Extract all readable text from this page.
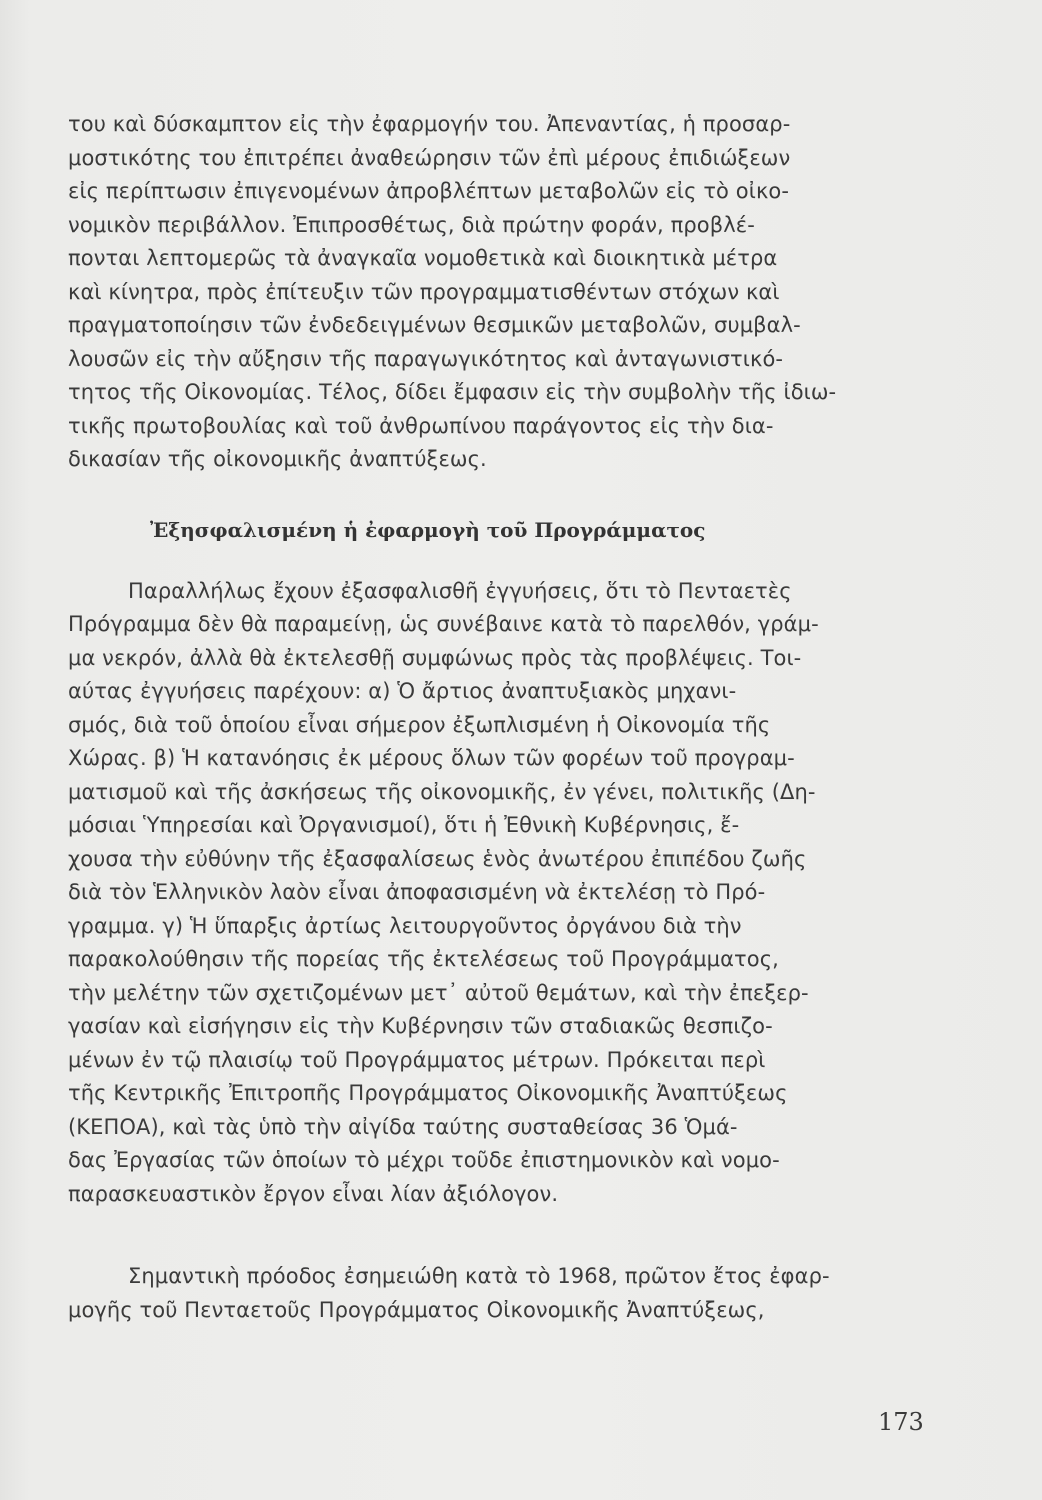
του καὶ δύσκαμπτον εἰς τὴν ἐφαρμογήν του. Ἀπεναντίας, ἡ προσαρ-
μοστικότης του ἐπιτρέπει ἀναθεώρησιν τῶν ἐπὶ μέρους ἐπιδιώξεων
εἰς περίπτωσιν ἐπιγενομένων ἀπροβλέπτων μεταβολῶν εἰς τὸ οἰκο-
νομικὸν περιβάλλον. Ἐπιπροσθέτως, διὰ πρώτην φοράν, προβλέ-
πονται λεπτομερῶς τὰ ἀναγκαῖα νομοθετικὰ καὶ διοικητικὰ μέτρα
καὶ κίνητρα, πρὸς ἐπίτευξιν τῶν προγραμματισθέντων στόχων καὶ
πραγματοποίησιν τῶν ἐνδεδειγμένων θεσμικῶν μεταβολῶν, συμβαλ-
λουσῶν εἰς τὴν αὔξησιν τῆς παραγωγικότητος καὶ ἀνταγωνιστικό-
τητος τῆς Οἰκονομίας. Τέλος, δίδει ἔμφασιν εἰς τὴν συμβολὴν τῆς ἰδιω-
τικῆς πρωτοβουλίας καὶ τοῦ ἀνθρωπίνου παράγοντος εἰς τὴν δια-
δικασίαν τῆς οἰκονομικῆς ἀναπτύξεως.
Ἐξησφαλισμένη ἡ ἐφαρμογὴ τοῦ Προγράμματος
Παραλλήλως ἔχουν ἐξασφαλισθῆ ἐγγυήσεις, ὅτι τὸ Πενταετὲς
Πρόγραμμα δὲν θὰ παραμείνῃ, ὡς συνέβαινε κατὰ τὸ παρελθόν, γράμ-
μα νεκρόν, ἀλλὰ θὰ ἐκτελεσθῇ συμφώνως πρὸς τὰς προβλέψεις. Τοι-
αύτας ἐγγυήσεις παρέχουν: α) Ὁ ἄρτιος ἀναπτυξιακὸς μηχανι-
σμός, διὰ τοῦ ὁποίου εἶναι σήμερον ἐξωπλισμένη ἡ Οἰκονομία τῆς
Χώρας. β) Ἡ κατανόησις ἐκ μέρους ὅλων τῶν φορέων τοῦ προγραμ-
ματισμοῦ καὶ τῆς ἀσκήσεως τῆς οἰκονομικῆς, ἐν γένει, πολιτικῆς (Δη-
μόσιαι Ὑπηρεσίαι καὶ Ὀργανισμοί), ὅτι ἡ Ἐθνικὴ Κυβέρνησις, ἔ-
χουσα τὴν εὐθύνην τῆς ἐξασφαλίσεως ἑνὸς ἀνωτέρου ἐπιπέδου ζωῆς
διὰ τὸν Ἑλληνικὸν λαὸν εἶναι ἀποφασισμένη νὰ ἐκτελέσῃ τὸ Πρό-
γραμμα. γ) Ἡ ὕπαρξις ἀρτίως λειτουργοῦντος ὀργάνου διὰ τὴν
παρακολούθησιν τῆς πορείας τῆς ἐκτελέσεως τοῦ Προγράμματος,
τὴν μελέτην τῶν σχετιζομένων μετ᾿ αὐτοῦ θεμάτων, καὶ τὴν ἐπεξερ-
γασίαν καὶ εἰσήγησιν εἰς τὴν Κυβέρνησιν τῶν σταδιακῶς θεσπιζο-
μένων ἐν τῷ πλαισίῳ τοῦ Προγράμματος μέτρων. Πρόκειται περὶ
τῆς Κεντρικῆς Ἐπιτροπῆς Προγράμματος Οἰκονομικῆς Ἀναπτύξεως
(ΚΕΠΟΑ), καὶ τὰς ὑπὸ τὴν αἰγίδα ταύτης συσταθείσας 36 Ὁμά-
δας Ἐργασίας τῶν ὁποίων τὸ μέχρι τοῦδε ἐπιστημονικὸν καὶ νομο-
παρασκευαστικὸν ἔργον εἶναι λίαν ἀξιόλογον.
Σημαντικὴ πρόοδος ἐσημειώθη κατὰ τὸ 1968, πρῶτον ἔτος ἐφαρ-
μογῆς τοῦ Πενταετοῦς Προγράμματος Οἰκονομικῆς Ἀναπτύξεως,
173
